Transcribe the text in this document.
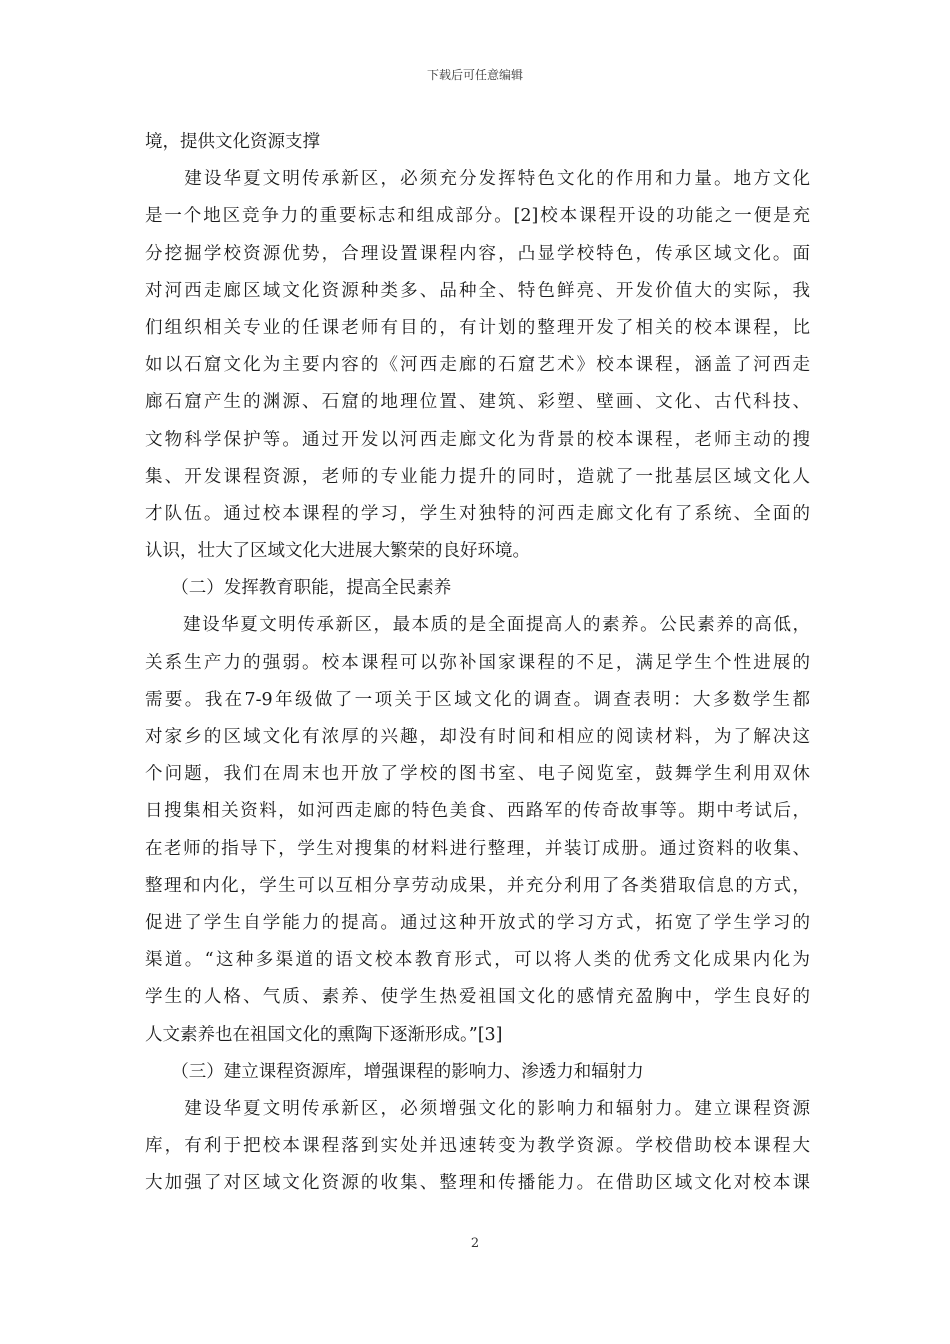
下载后可任意编辑
境，提供文化资源支撑
　　建设华夏文明传承新区，必须充分发挥特色文化的作用和力量。地方文化
是一个地区竞争力的重要标志和组成部分。[2]校本课程开设的功能之一便是充
分挖掘学校资源优势，合理设置课程内容，凸显学校特色，传承区域文化。面
对河西走廊区域文化资源种类多、品种全、特色鲜亮、开发价值大的实际，我
们组织相关专业的任课老师有目的，有计划的整理开发了相关的校本课程，比
如以石窟文化为主要内容的《河西走廊的石窟艺术》校本课程，涵盖了河西走
廊石窟产生的渊源、石窟的地理位置、建筑、彩塑、壁画、文化、古代科技、
文物科学保护等。通过开发以河西走廊文化为背景的校本课程，老师主动的搜
集、开发课程资源，老师的专业能力提升的同时，造就了一批基层区域文化人
才队伍。通过校本课程的学习，学生对独特的河西走廊文化有了系统、全面的
认识，壮大了区域文化大进展大繁荣的良好环境。
　　（二）发挥教育职能，提高全民素养
　　建设华夏文明传承新区，最本质的是全面提高人的素养。公民素养的高低，
关系生产力的强弱。校本课程可以弥补国家课程的不足，满足学生个性进展的
需要。我在7-9年级做了一项关于区域文化的调查。调查表明：大多数学生都
对家乡的区域文化有浓厚的兴趣，却没有时间和相应的阅读材料，为了解决这
个问题，我们在周末也开放了学校的图书室、电子阅览室，鼓舞学生利用双休
日搜集相关资料，如河西走廊的特色美食、西路军的传奇故事等。期中考试后，
在老师的指导下，学生对搜集的材料进行整理，并装订成册。通过资料的收集、
整理和内化，学生可以互相分享劳动成果，并充分利用了各类猎取信息的方式，
促进了学生自学能力的提高。通过这种开放式的学习方式，拓宽了学生学习的
渠道。“这种多渠道的语文校本教育形式，可以将人类的优秀文化成果内化为
学生的人格、气质、素养、使学生热爱祖国文化的感情充盈胸中，学生良好的
人文素养也在祖国文化的熏陶下逐渐形成。”[3]
　　（三）建立课程资源库，增强课程的影响力、渗透力和辐射力
　　建设华夏文明传承新区，必须增强文化的影响力和辐射力。建立课程资源
库，有利于把校本课程落到实处并迅速转变为教学资源。学校借助校本课程大
大加强了对区域文化资源的收集、整理和传播能力。在借助区域文化对校本课
2
